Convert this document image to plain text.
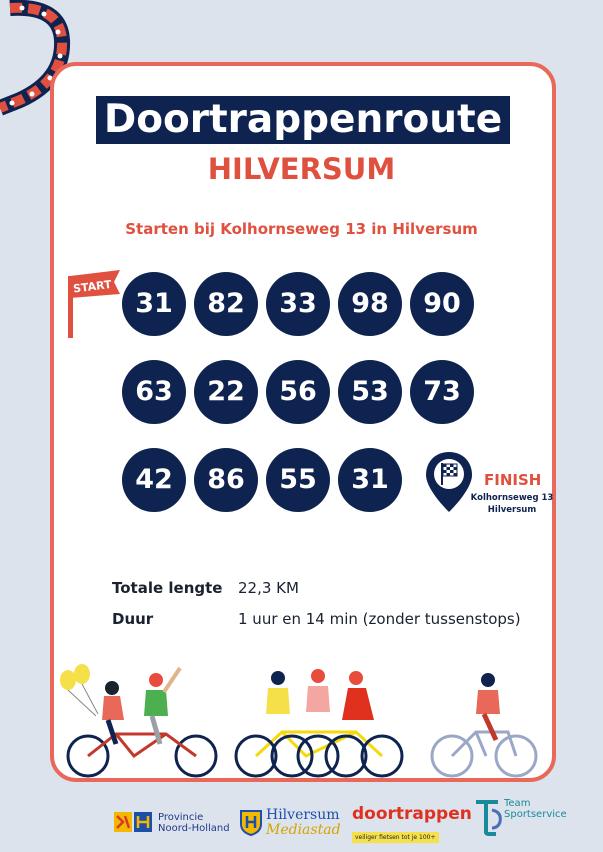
Doortrappenroute
HILVERSUM
Starten bij Kolhornseweg 13 in Hilversum
START
31	82	33	98	90
63	22	56	53	73
42	86	55	31	FINISH
Kolhornseweg 13
Hilversum
Totale lengte 22,3 KM
Duur	1 uur en 14 min (zonder tussenstops)
Provincie
Noord-Holland
Hilversum
Mediastad
doortrappen
veiliger fietsen tot je 100+
Team
Sportservice
